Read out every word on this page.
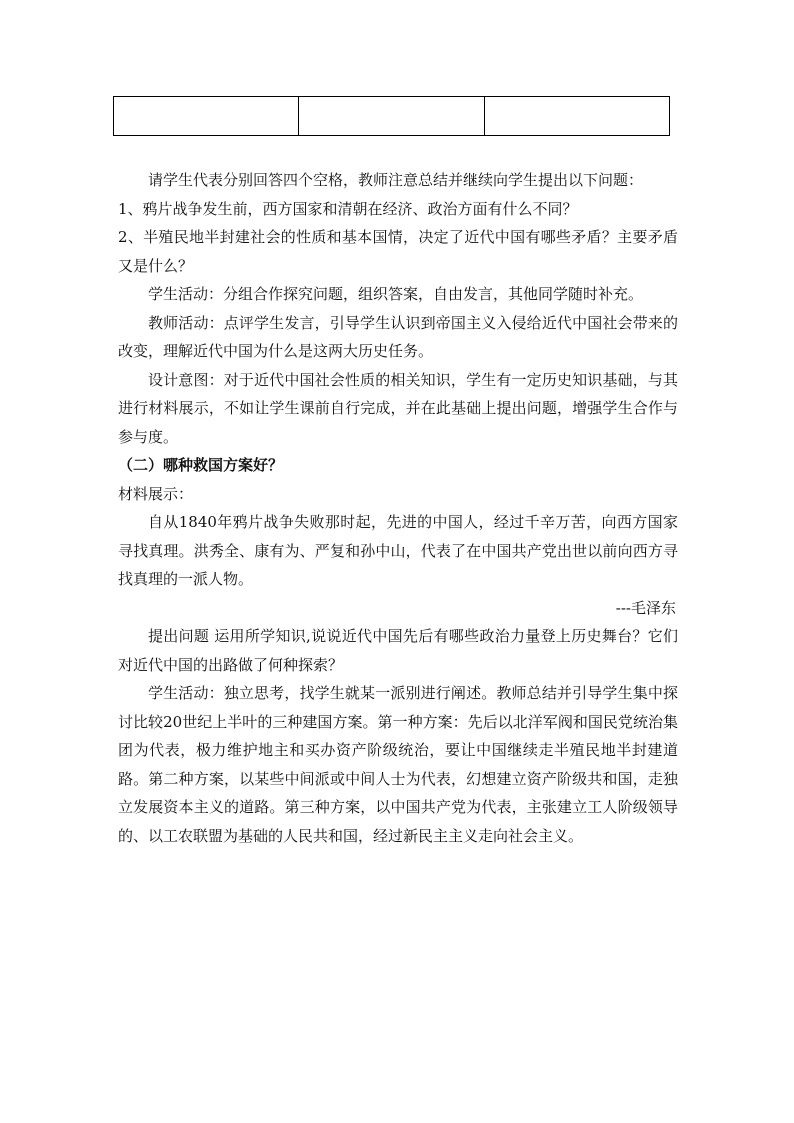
请学生代表分别回答四个空格，教师注意总结并继续向学生提出以下问题：

1、鸦片战争发生前，西方国家和清朝在经济、政治方面有什么不同？

2、半殖民地半封建社会的性质和基本国情，决定了近代中国有哪些矛盾？主要矛盾又是什么？

学生活动：分组合作探究问题，组织答案，自由发言，其他同学随时补充。

教师活动：点评学生发言，引导学生认识到帝国主义入侵给近代中国社会带来的改变，理解近代中国为什么是这两大历史任务。

设计意图：对于近代中国社会性质的相关知识，学生有一定历史知识基础，与其进行材料展示，不如让学生课前自行完成，并在此基础上提出问题，增强学生合作与参与度。

（二）哪种救国方案好？

材料展示：

自从1840年鸦片战争失败那时起，先进的中国人，经过千辛万苦，向西方国家寻找真理。洪秀全、康有为、严复和孙中山，代表了在中国共产党出世以前向西方寻找真理的一派人物。

---毛泽东

提出问题 运用所学知识,说说近代中国先后有哪些政治力量登上历史舞台？它们对近代中国的出路做了何种探索？

学生活动：独立思考，找学生就某一派别进行阐述。教师总结并引导学生集中探讨比较20世纪上半叶的三种建国方案。第一种方案：先后以北洋军阀和国民党统治集团为代表，极力维护地主和买办资产阶级统治，要让中国继续走半殖民地半封建道路。第二种方案，以某些中间派或中间人士为代表，幻想建立资产阶级共和国，走独立发展资本主义的道路。第三种方案，以中国共产党为代表，主张建立工人阶级领导的、以工农联盟为基础的人民共和国，经过新民主主义走向社会主义。
